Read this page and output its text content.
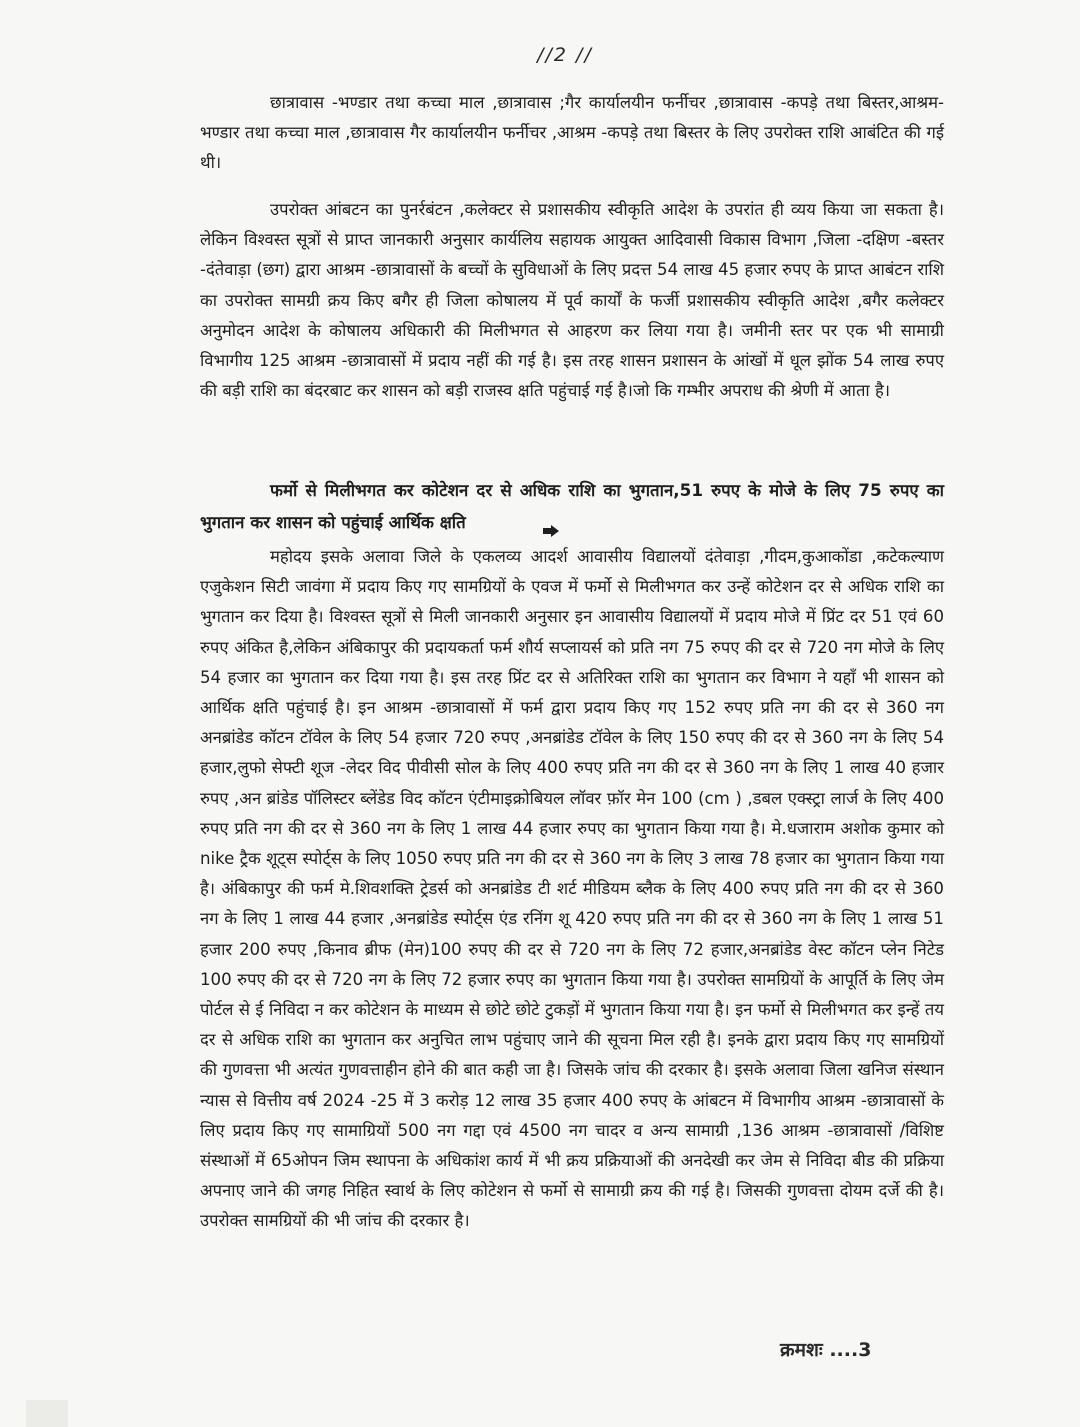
//2 //

छात्रावास -भण्डार तथा कच्चा माल ,छात्रावास ;गैर कार्यालयीन फर्नीचर ,छात्रावास -कपड़े तथा बिस्तर,आश्रम- भण्डार तथा कच्चा माल ,छात्रावास गैर कार्यालयीन फर्नीचर ,आश्रम -कपड़े तथा बिस्तर के लिए उपरोक्त राशि आबंटित की गई थी।

उपरोक्त आंबटन का पुनर्रबंटन ,कलेक्टर से प्रशासकीय स्वीकृति आदेश के उपरांत ही व्यय किया जा सकता है। लेकिन विश्वस्त सूत्रों से प्राप्त जानकारी अनुसार कार्यलिय सहायक आयुक्त आदिवासी विकास विभाग ,जिला -दक्षिण -बस्तर -दंतेवाड़ा (छग) द्वारा आश्रम -छात्रावासों के बच्चों के सुविधाओं के लिए प्रदत्त 54 लाख 45 हजार रुपए के प्राप्त आबंटन राशि का उपरोक्त सामग्री क्रय किए बगैर ही जिला कोषालय में पूर्व कार्यों के फर्जी प्रशासकीय स्वीकृति आदेश ,बगैर कलेक्टर अनुमोदन आदेश के कोषालय अधिकारी की मिलीभगत से आहरण कर लिया गया है। जमीनी स्तर पर एक भी सामाग्री विभागीय 125 आश्रम -छात्रावासों में प्रदाय नहीं की गई है। इस तरह शासन प्रशासन के आंखों में धूल झोंक 54 लाख रुपए की बड़ी राशि का बंदरबाट कर शासन को बड़ी राजस्व क्षति पहुंचाई गई है।जो कि गम्भीर अपराध की श्रेणी में आता है।

फर्मो से मिलीभगत कर कोटेशन दर से अधिक राशि का भुगतान,51 रुपए के मोजे के लिए 75 रुपए का भुगतान कर शासन को पहुंचाई आर्थिक क्षति

महोदय इसके अलावा जिले के एकलव्य आदर्श आवासीय विद्यालयों दंतेवाड़ा ,गीदम,कुआकोंडा ,कटेकल्याण एजुकेशन सिटी जावंगा में प्रदाय किए गए सामग्रियों के एवज में फर्मो से मिलीभगत कर उन्हें कोटेशन दर से अधिक राशि का भुगतान कर दिया है। विश्वस्त सूत्रों से मिली जानकारी अनुसार इन आवासीय विद्यालयों में प्रदाय मोजे में प्रिंट दर 51 एवं 60 रुपए अंकित है,लेकिन अंबिकापुर की प्रदायकर्ता फर्म शौर्य सप्लायर्स को प्रति नग 75 रुपए की दर से 720 नग मोजे के लिए 54 हजार का भुगतान कर दिया गया है। इस तरह प्रिंट दर से अतिरिक्त राशि का भुगतान कर विभाग ने यहाँ भी शासन को आर्थिक क्षति पहुंचाई है। इन आश्रम -छात्रावासों में फर्म द्वारा प्रदाय किए गए 152 रुपए प्रति नग की दर से 360 नग अनब्रांडेड कॉटन टॉवेल के लिए 54 हजार 720 रुपए ,अनब्रांडेड टॉवेल के लिए 150 रुपए की दर से 360 नग के लिए 54 हजार,लुफो सेफ्टी शूज -लेदर विद पीवीसी सोल के लिए 400 रुपए प्रति नग की दर से 360 नग के लिए 1 लाख 40 हजार रुपए ,अन ब्रांडेड पॉलिस्टर ब्लेंडेड विद कॉटन एंटीमाइक्रोबियल लॉवर फ़ॉर मेन 100 (cm ) ,डबल एक्स्ट्रा लार्ज के लिए 400 रुपए प्रति नग की दर से 360 नग के लिए 1 लाख 44 हजार रुपए का भुगतान किया गया है। मे.धजाराम अशोक कुमार को nike ट्रैक शूट्स स्पोर्ट्स के लिए 1050 रुपए प्रति नग की दर से 360 नग के लिए 3 लाख 78 हजार का भुगतान किया गया है। अंबिकापुर की फर्म मे.शिवशक्ति ट्रेडर्स को अनब्रांडेड टी शर्ट मीडियम ब्लैक के लिए 400 रुपए प्रति नग की दर से 360 नग के लिए 1 लाख 44 हजार ,अनब्रांडेड स्पोर्ट्स एंड रनिंग शू 420 रुपए प्रति नग की दर से 360 नग के लिए 1 लाख 51 हजार 200 रुपए ,किनाव ब्रीफ (मेन)100 रुपए की दर से 720 नग के लिए 72 हजार,अनब्रांडेड वेस्ट कॉटन प्लेन निटेड 100 रुपए की दर से 720 नग के लिए 72 हजार रुपए का भुगतान किया गया है। उपरोक्त सामग्रियों के आपूर्ति के लिए जेम पोर्टल से ई निविदा न कर कोटेशन के माध्यम से छोटे छोटे टुकड़ों में भुगतान किया गया है। इन फर्मो से मिलीभगत कर इन्हें तय दर से अधिक राशि का भुगतान कर अनुचित लाभ पहुंचाए जाने की सूचना मिल रही है। इनके द्वारा प्रदाय किए गए सामग्रियों की गुणवत्ता भी अत्यंत गुणवत्ताहीन होने की बात कही जा है। जिसके जांच की दरकार है। इसके अलावा जिला खनिज संस्थान न्यास से वित्तीय वर्ष 2024 -25 में 3 करोड़ 12 लाख 35 हजार 400 रुपए के आंबटन में विभागीय आश्रम -छात्रावासों के लिए प्रदाय किए गए सामाग्रियों 500 नग गद्दा एवं 4500 नग चादर व अन्य सामाग्री ,136 आश्रम -छात्रावासों /विशिष्ट संस्थाओं में 65ओपन जिम स्थापना के अधिकांश कार्य में भी क्रय प्रक्रियाओं की अनदेखी कर जेम से निविदा बीड की प्रक्रिया अपनाए जाने की जगह निहित स्वार्थ के लिए कोटेशन से फर्मो से सामाग्री क्रय की गई है। जिसकी गुणवत्ता दोयम दर्जे की है। उपरोक्त सामग्रियों की भी जांच की दरकार है।

क्रमशः ....3
